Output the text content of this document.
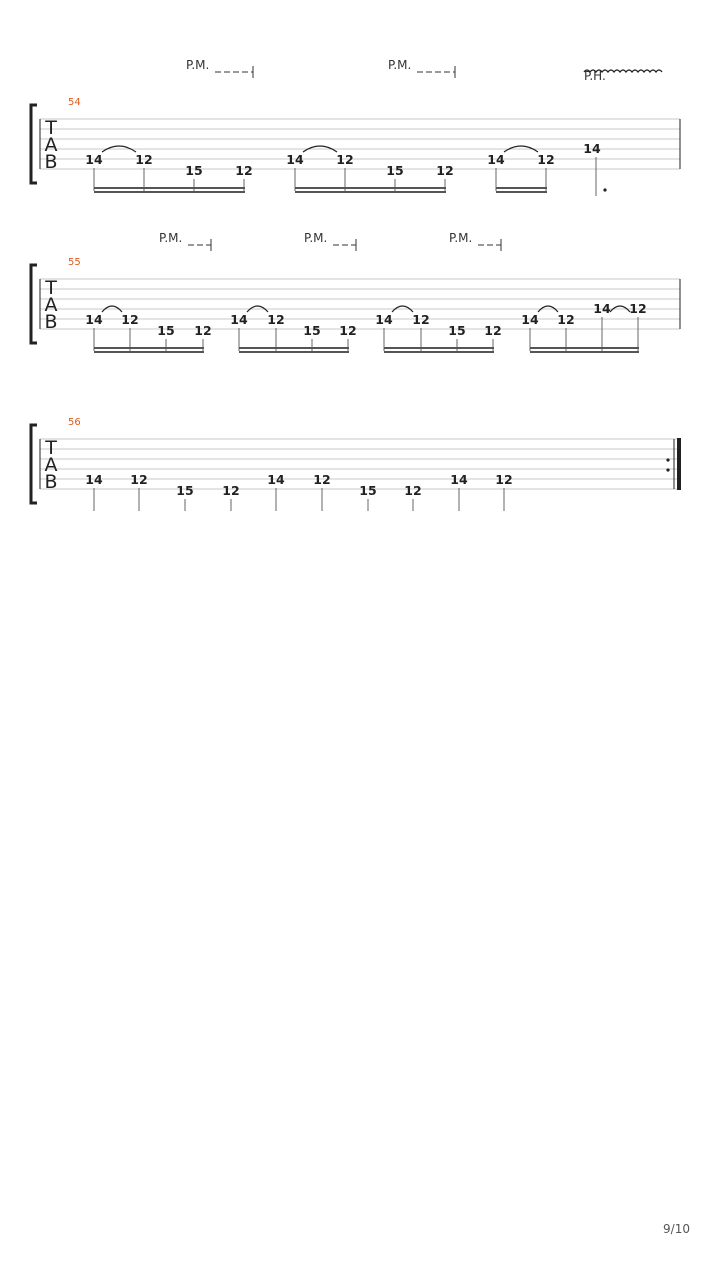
T
A
B
54
14	12
15	12
14	12
15	12
14	12
14
P.M.	P.M.
P.H.
T
A
B
55
14 12
15 12
14 12
15 12
14 12
15 12
14 12
14 12
P.M.	P.M.	P.M.
T
A
B
56
14 12
15 12
14 12
15 12
14 12
9/10
